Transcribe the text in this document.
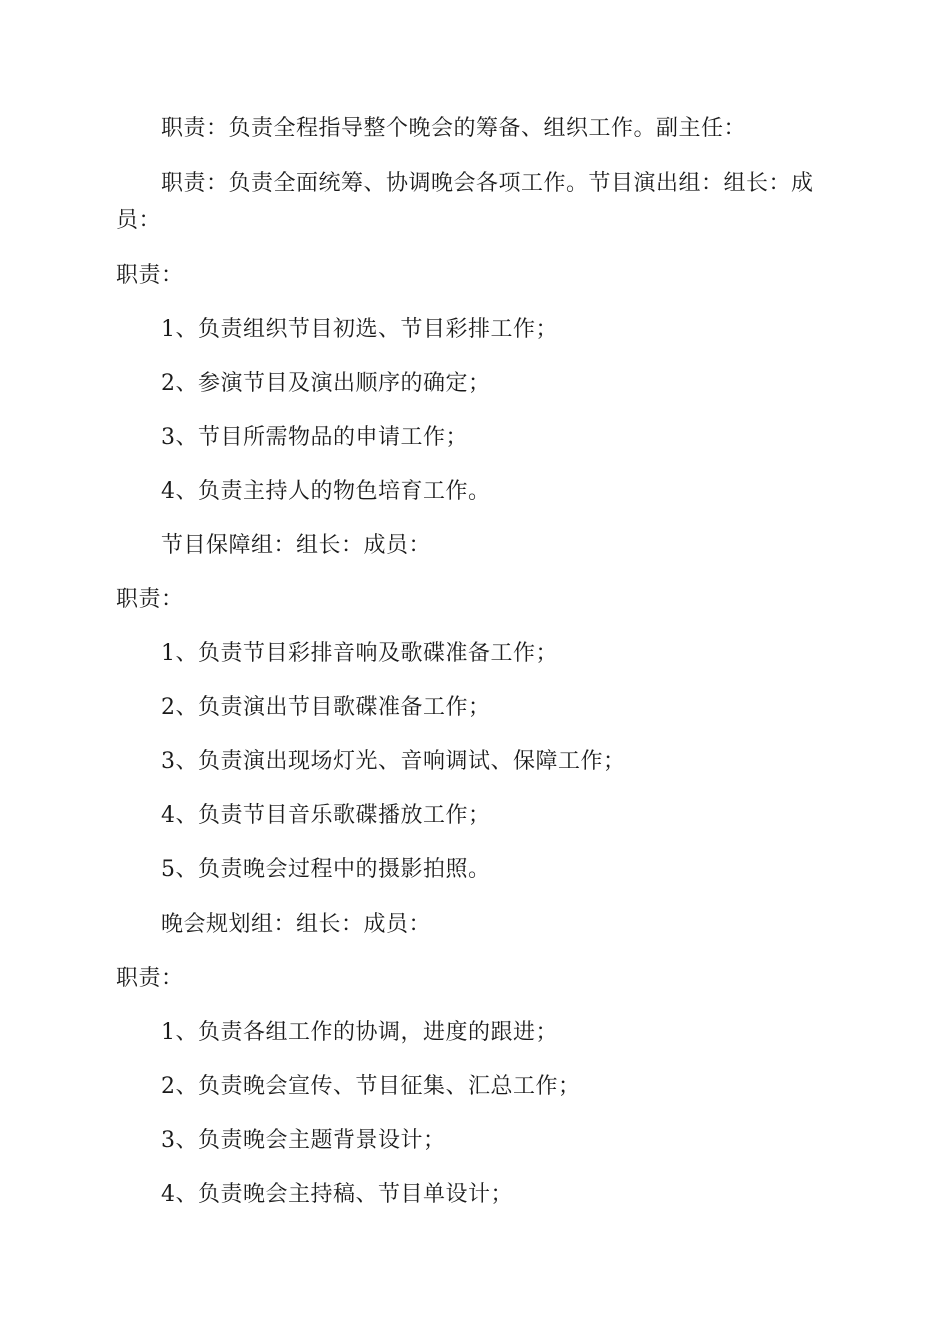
职责：负责全程指导整个晚会的筹备、组织工作。副主任：
职责：负责全面统筹、协调晚会各项工作。节目演出组：组长：成
员：
职责：
1、负责组织节目初选、节目彩排工作；
2、参演节目及演出顺序的确定；
3、节目所需物品的申请工作；
4、负责主持人的物色培育工作。
节目保障组：组长：成员：
职责：
1、负责节目彩排音响及歌碟准备工作；
2、负责演出节目歌碟准备工作；
3、负责演出现场灯光、音响调试、保障工作；
4、负责节目音乐歌碟播放工作；
5、负责晚会过程中的摄影拍照。
晚会规划组：组长：成员：
职责：
1、负责各组工作的协调，进度的跟进；
2、负责晚会宣传、节目征集、汇总工作；
3、负责晚会主题背景设计；
4、负责晚会主持稿、节目单设计；
